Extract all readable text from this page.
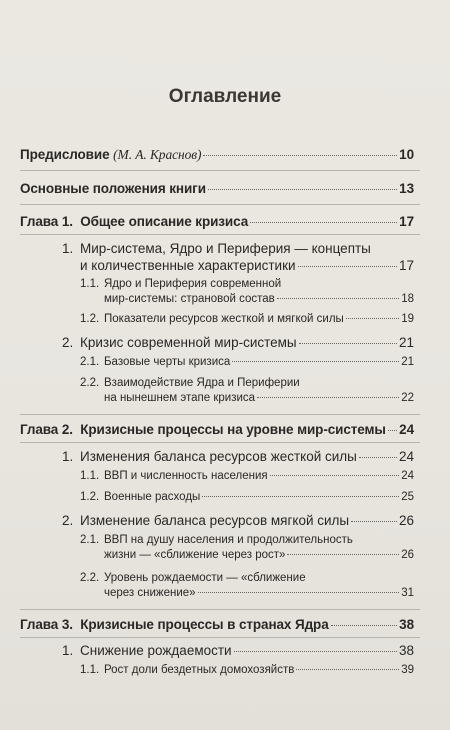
Оглавление
Предисловие (М. А. Краснов)	10
Основные положения книги	13
Глава 1. Общее описание кризиса	17
1. Мир-система, Ядро и Периферия — концепты
и количественные характеристики	17
1.1. Ядро и Периферия современной
мир-системы: страновой состав	18
1.2. Показатели ресурсов жесткой и мягкой силы	19
2. Кризис современной мир-системы	21
2.1. Базовые черты кризиса	21
2.2. Взаимодействие Ядра и Периферии
на нынешнем этапе кризиса	22
Глава 2. Кризисные процессы на уровне мир-системы 24
1. Изменения баланса ресурсов жесткой силы	24
1.1. ВВП и численность населения	24
1.2. Военные расходы	25
2. Изменение баланса ресурсов мягкой силы	26
2.1. ВВП на душу населения и продолжительность
жизни — «сближение через рост»	26
2.2. Уровень рождаемости — «сближение
через снижение»	31
Глава 3. Кризисные процессы в странах Ядра	38
1. Снижение рождаемости	38
1.1. Рост доли бездетных домохозяйств	39
